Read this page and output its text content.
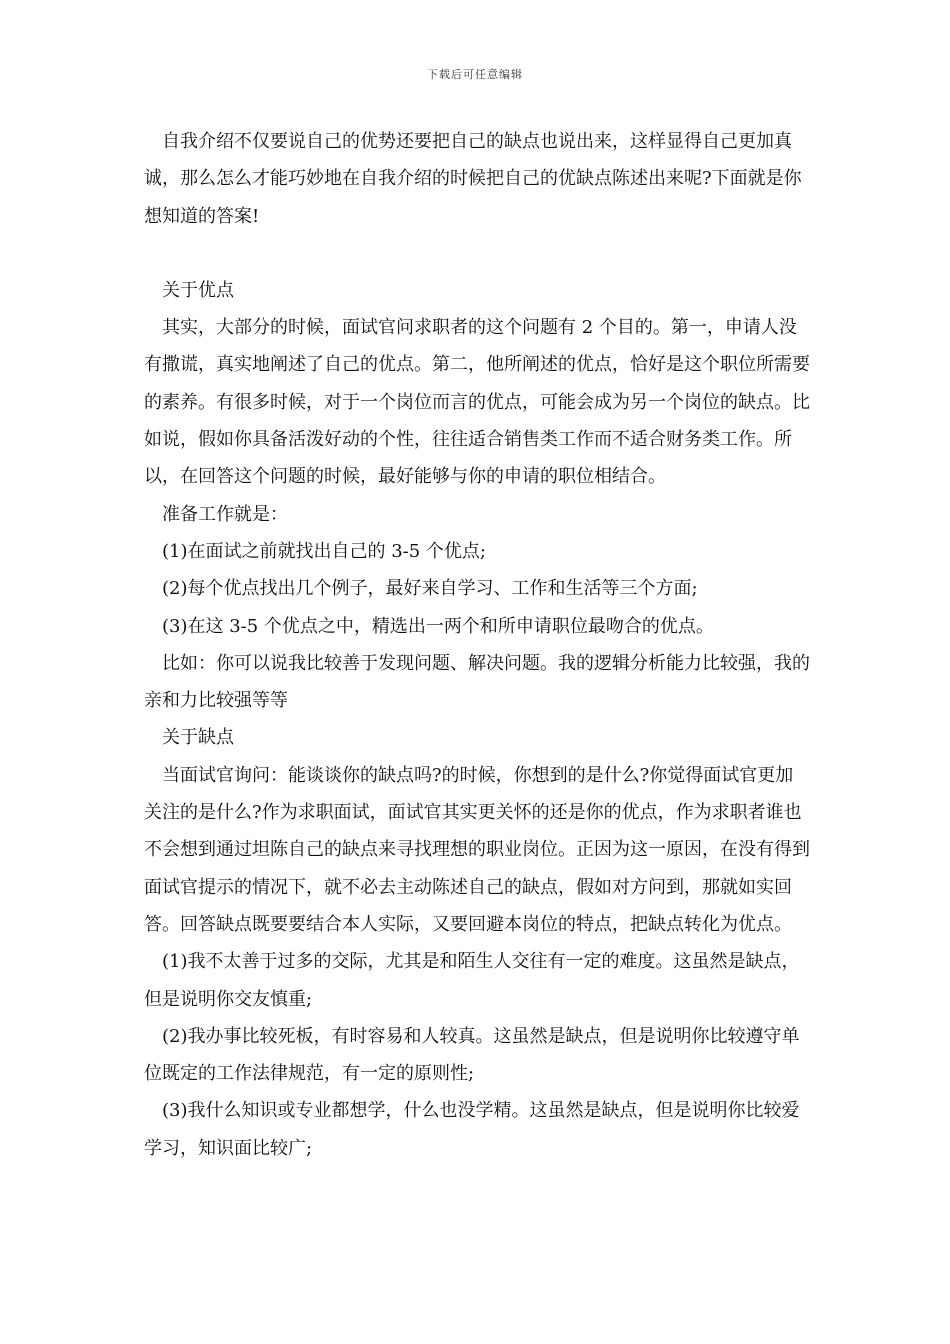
下载后可任意编辑

自我介绍不仅要说自己的优势还要把自己的缺点也说出来，这样显得自己更加真诚，那么怎么才能巧妙地在自我介绍的时候把自己的优缺点陈述出来呢?下面就是你想知道的答案!

关于优点

其实，大部分的时候，面试官问求职者的这个问题有 2 个目的。第一，申请人没有撒谎，真实地阐述了自己的优点。第二，他所阐述的优点，恰好是这个职位所需要的素养。有很多时候，对于一个岗位而言的优点，可能会成为另一个岗位的缺点。比如说，假如你具备活泼好动的个性，往往适合销售类工作而不适合财务类工作。所以，在回答这个问题的时候，最好能够与你的申请的职位相结合。

准备工作就是：

(1)在面试之前就找出自己的 3-5 个优点;

(2)每个优点找出几个例子，最好来自学习、工作和生活等三个方面;

(3)在这 3-5 个优点之中，精选出一两个和所申请职位最吻合的优点。

比如：你可以说我比较善于发现问题、解决问题。我的逻辑分析能力比较强，我的亲和力比较强等等

关于缺点

当面试官询问：能谈谈你的缺点吗?的时候，你想到的是什么?你觉得面试官更加关注的是什么?作为求职面试，面试官其实更关怀的还是你的优点，作为求职者谁也不会想到通过坦陈自己的缺点来寻找理想的职业岗位。正因为这一原因，在没有得到面试官提示的情况下，就不必去主动陈述自己的缺点，假如对方问到，那就如实回答。回答缺点既要要结合本人实际，又要回避本岗位的特点，把缺点转化为优点。

(1)我不太善于过多的交际，尤其是和陌生人交往有一定的难度。这虽然是缺点，但是说明你交友慎重;

(2)我办事比较死板，有时容易和人较真。这虽然是缺点，但是说明你比较遵守单位既定的工作法律规范，有一定的原则性;

(3)我什么知识或专业都想学，什么也没学精。这虽然是缺点，但是说明你比较爱学习，知识面比较广;
